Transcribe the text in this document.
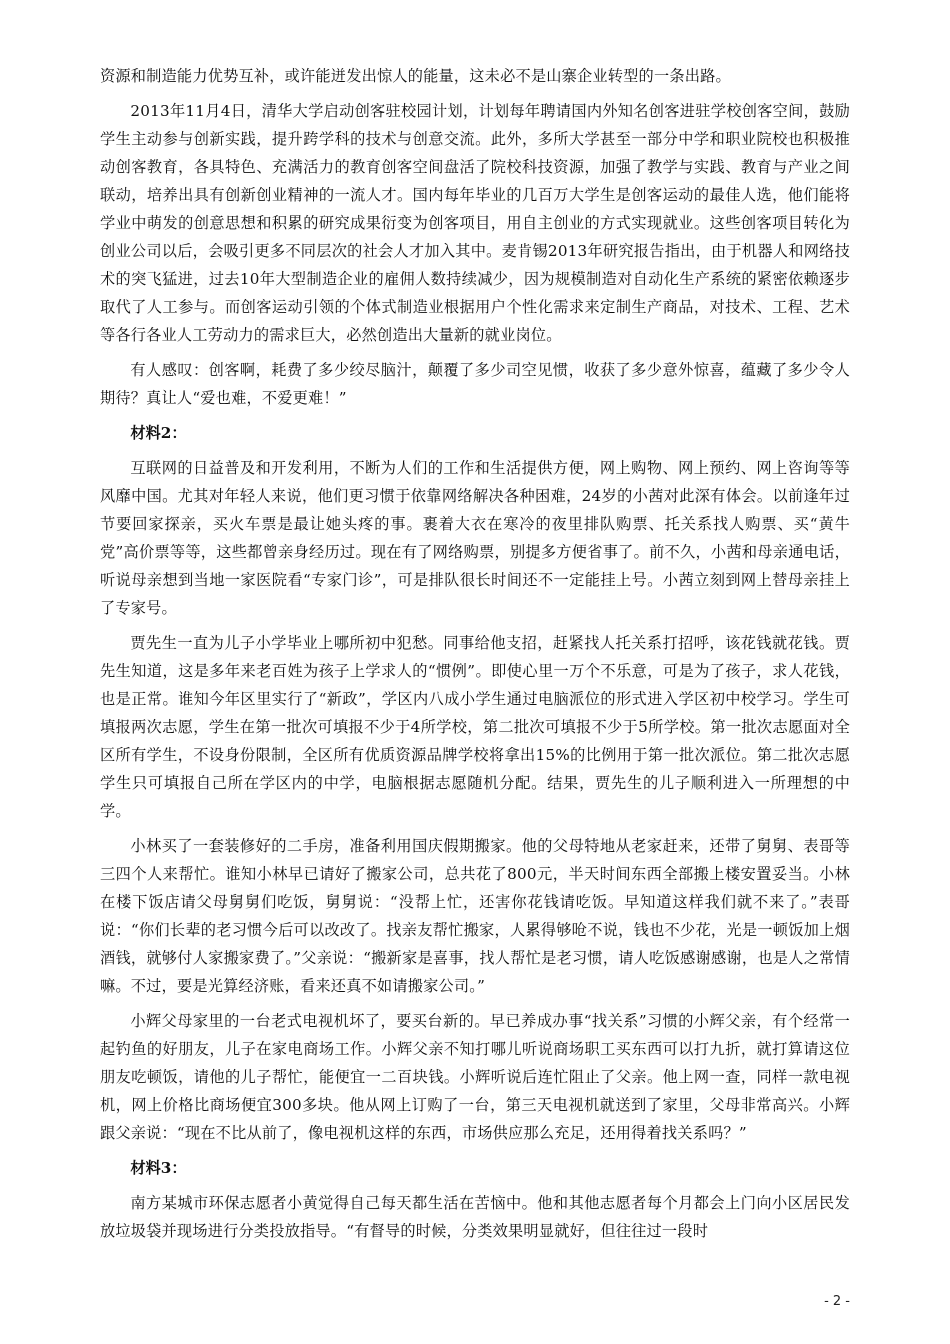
资源和制造能力优势互补，或许能迸发出惊人的能量，这未必不是山寨企业转型的一条出路。

2013年11月4日，清华大学启动创客驻校园计划，计划每年聘请国内外知名创客进驻学校创客空间，鼓励学生主动参与创新实践，提升跨学科的技术与创意交流。此外，多所大学甚至一部分中学和职业院校也积极推动创客教育，各具特色、充满活力的教育创客空间盘活了院校科技资源，加强了教学与实践、教育与产业之间联动，培养出具有创新创业精神的一流人才。国内每年毕业的几百万大学生是创客运动的最佳人选，他们能将学业中萌发的创意思想和积累的研究成果衍变为创客项目，用自主创业的方式实现就业。这些创客项目转化为创业公司以后，会吸引更多不同层次的社会人才加入其中。麦肯锡2013年研究报告指出，由于机器人和网络技术的突飞猛进，过去10年大型制造企业的雇佣人数持续减少，因为规模制造对自动化生产系统的紧密依赖逐步取代了人工参与。而创客运动引领的个体式制造业根据用户个性化需求来定制生产商品，对技术、工程、艺术等各行各业人工劳动力的需求巨大，必然创造出大量新的就业岗位。

有人感叹：创客啊，耗费了多少绞尽脑汁，颠覆了多少司空见惯，收获了多少意外惊喜，蕴藏了多少令人期待？真让人“爱也难，不爱更难！”

材料2：

互联网的日益普及和开发利用，不断为人们的工作和生活提供方便，网上购物、网上预约、网上咨询等等风靡中国。尤其对年轻人来说，他们更习惯于依靠网络解决各种困难，24岁的小茜对此深有体会。以前逢年过节要回家探亲，买火车票是最让她头疼的事。裹着大衣在寒冷的夜里排队购票、托关系找人购票、买“黄牛党”高价票等等，这些都曾亲身经历过。现在有了网络购票，别提多方便省事了。前不久，小茜和母亲通电话，听说母亲想到当地一家医院看“专家门诊”，可是排队很长时间还不一定能挂上号。小茜立刻到网上替母亲挂上了专家号。

贾先生一直为儿子小学毕业上哪所初中犯愁。同事给他支招，赶紧找人托关系打招呼，该花钱就花钱。贾先生知道，这是多年来老百姓为孩子上学求人的“惯例”。即使心里一万个不乐意，可是为了孩子，求人花钱，也是正常。谁知今年区里实行了“新政”，学区内八成小学生通过电脑派位的形式进入学区初中校学习。学生可填报两次志愿，学生在第一批次可填报不少于4所学校，第二批次可填报不少于5所学校。第一批次志愿面对全区所有学生，不设身份限制，全区所有优质资源品牌学校将拿出15%的比例用于第一批次派位。第二批次志愿学生只可填报自己所在学区内的中学，电脑根据志愿随机分配。结果，贾先生的儿子顺利进入一所理想的中学。

小林买了一套装修好的二手房，准备利用国庆假期搬家。他的父母特地从老家赶来，还带了舅舅、表哥等三四个人来帮忙。谁知小林早已请好了搬家公司，总共花了800元，半天时间东西全部搬上楼安置妥当。小林在楼下饭店请父母舅舅们吃饭，舅舅说：“没帮上忙，还害你花钱请吃饭。早知道这样我们就不来了。”表哥说：“你们长辈的老习惯今后可以改改了。找亲友帮忙搬家，人累得够呛不说，钱也不少花，光是一顿饭加上烟酒钱，就够付人家搬家费了。”父亲说：“搬新家是喜事，找人帮忙是老习惯，请人吃饭感谢感谢，也是人之常情嘛。不过，要是光算经济账，看来还真不如请搬家公司。”

小辉父母家里的一台老式电视机坏了，要买台新的。早已养成办事“找关系”习惯的小辉父亲，有个经常一起钓鱼的好朋友，儿子在家电商场工作。小辉父亲不知打哪儿听说商场职工买东西可以打九折，就打算请这位朋友吃顿饭，请他的儿子帮忙，能便宜一二百块钱。小辉听说后连忙阻止了父亲。他上网一查，同样一款电视机，网上价格比商场便宜300多块。他从网上订购了一台，第三天电视机就送到了家里，父母非常高兴。小辉跟父亲说：“现在不比从前了，像电视机这样的东西，市场供应那么充足，还用得着找关系吗？”

材料3：

南方某城市环保志愿者小黄觉得自己每天都生活在苦恼中。他和其他志愿者每个月都会上门向小区居民发放垃圾袋并现场进行分类投放指导。“有督导的时候，分类效果明显就好，但往往过一段时

- 2 -
